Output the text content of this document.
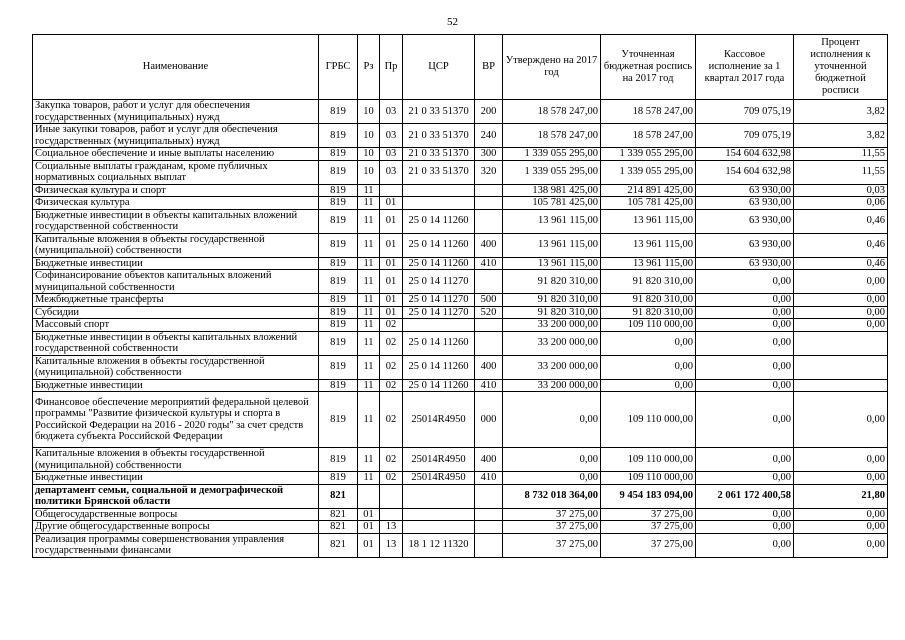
52
Наименование	ГРБС	Рз	Пр	ЦСР	ВР	Утверждено на 2017 год	Уточненная бюджетная роспись на 2017 год	Кассовое исполнение за 1 квартал 2017 года	Процент исполнения к уточненной бюджетной росписи
Закупка товаров, работ и услуг для обеспечения государственных (муниципальных) нужд	819	10	03	21 0 33 51370	200	18 578 247,00	18 578 247,00	709 075,19	3,82
Иные закупки товаров, работ и услуг для обеспечения государственных (муниципальных) нужд	819	10	03	21 0 33 51370	240	18 578 247,00	18 578 247,00	709 075,19	3,82
Социальное обеспечение и иные выплаты населению	819	10	03	21 0 33 51370	300	1 339 055 295,00	1 339 055 295,00	154 604 632,98	11,55
Социальные выплаты гражданам, кроме публичных нормативных социальных выплат	819	10	03	21 0 33 51370	320	1 339 055 295,00	1 339 055 295,00	154 604 632,98	11,55
Физическая культура и спорт	819	11				138 981 425,00	214 891 425,00	63 930,00	0,03
Физическая культура	819	11	01			105 781 425,00	105 781 425,00	63 930,00	0,06
Бюджетные инвестиции в объекты капитальных вложений государственной собственности	819	11	01	25 0 14 11260		13 961 115,00	13 961 115,00	63 930,00	0,46
Капитальные вложения в объекты государственной (муниципальной) собственности	819	11	01	25 0 14 11260	400	13 961 115,00	13 961 115,00	63 930,00	0,46
Бюджетные инвестиции	819	11	01	25 0 14 11260	410	13 961 115,00	13 961 115,00	63 930,00	0,46
Софинансирование объектов капитальных вложений муниципальной собственности	819	11	01	25 0 14 11270		91 820 310,00	91 820 310,00	0,00	0,00
Межбюджетные трансферты	819	11	01	25 0 14 11270	500	91 820 310,00	91 820 310,00	0,00	0,00
Субсидии	819	11	01	25 0 14 11270	520	91 820 310,00	91 820 310,00	0,00	0,00
Массовый спорт	819	11	02			33 200 000,00	109 110 000,00	0,00	0,00
Бюджетные инвестиции в объекты капитальных вложений государственной собственности	819	11	02	25 0 14 11260		33 200 000,00	0,00	0,00	
Капитальные вложения в объекты государственной (муниципальной) собственности	819	11	02	25 0 14 11260	400	33 200 000,00	0,00	0,00	
Бюджетные инвестиции	819	11	02	25 0 14 11260	410	33 200 000,00	0,00	0,00	
Финансовое обеспечение мероприятий федеральной целевой программы "Развитие физической культуры и спорта в Российской Федерации на 2016 - 2020 годы" за счет средств бюджета субъекта Российской Федерации	819	11	02	25014R4950	000	0,00	109 110 000,00	0,00	0,00
Капитальные вложения в объекты государственной (муниципальной) собственности	819	11	02	25014R4950	400	0,00	109 110 000,00	0,00	0,00
Бюджетные инвестиции	819	11	02	25014R4950	410	0,00	109 110 000,00	0,00	0,00
департамент семьи, социальной и демографической политики Брянской области	821					8 732 018 364,00	9 454 183 094,00	2 061 172 400,58	21,80
Общегосударственные вопросы	821	01				37 275,00	37 275,00	0,00	0,00
Другие общегосударственные вопросы	821	01	13			37 275,00	37 275,00	0,00	0,00
Реализация программы совершенствования управления государственными финансами	821	01	13	18 1 12 11320		37 275,00	37 275,00	0,00	0,00
